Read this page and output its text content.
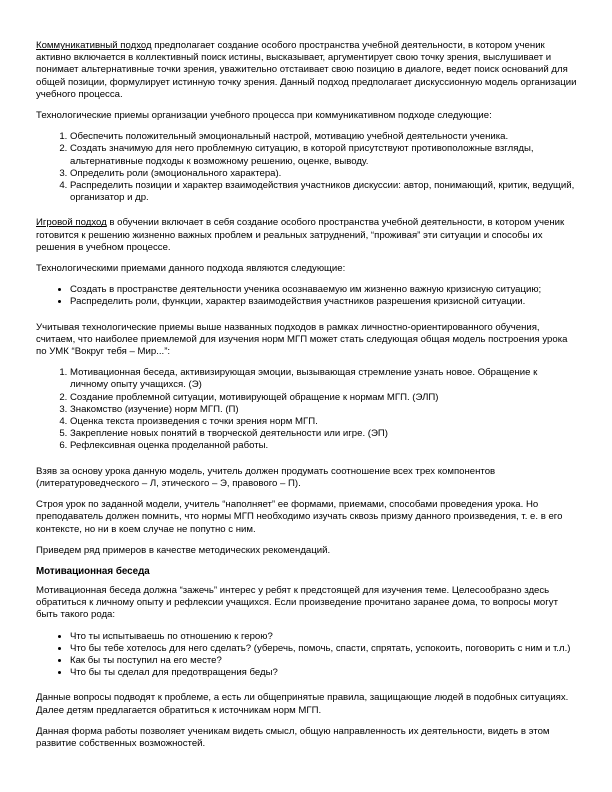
Коммуникативный подход предполагает создание особого пространства учебной деятельности, в котором ученик активно включается в коллективный поиск истины, высказывает, аргументирует свою точку зрения, выслушивает и понимает альтернативные точки зрения, уважительно отстаивает свою позицию в диалоге, ведет поиск оснований для общей позиции, формулирует истинную точку зрения. Данный подход предполагает дискуссионную модель организации учебного процесса.

Технологические приемы организации учебного процесса при коммуникативном подходе следующие:

1. Обеспечить положительный эмоциональный настрой, мотивацию учебной деятельности ученика.
2. Создать значимую для него проблемную ситуацию, в которой присутствуют противоположные взгляды, альтернативные подходы к возможному решению, оценке, выводу.
3. Определить роли (эмоционального характера).
4. Распределить позиции и характер взаимодействия участников дискуссии: автор, понимающий, критик, ведущий, организатор и др.

Игровой подход в обучении включает в себя создание особого пространства учебной деятельности, в котором ученик готовится к решению жизненно важных проблем и реальных затруднений, “проживая” эти ситуации и способы их решения в учебном процессе.

Технологическими приемами данного подхода являются следующие:

• Создать в пространстве деятельности ученика осознаваемую им жизненно важную кризисную ситуацию;
• Распределить роли, функции, характер взаимодействия участников разрешения кризисной ситуации.

Учитывая технологические приемы выше названных подходов в рамках личностно-ориентированного обучения, считаем, что наиболее приемлемой для изучения норм МГП может стать следующая общая модель построения урока по УМК “Вокруг тебя – Мир...”:

1. Мотивационная беседа, активизирующая эмоции, вызывающая стремление узнать новое. Обращение к личному опыту учащихся. (Э)
2. Создание проблемной ситуации, мотивирующей обращение к нормам МГП. (ЭЛП)
3. Знакомство (изучение) норм МГП. (П)
4. Оценка текста произведения с точки зрения норм МГП.
5. Закрепление новых понятий в творческой деятельности или игре. (ЭП)
6. Рефлексивная оценка проделанной работы.

Взяв за основу урока данную модель, учитель должен продумать соотношение всех трех компонентов (литературоведческого – Л, этического – Э, правового – П).

Строя урок по заданной модели, учитель “наполняет” ее формами, приемами, способами проведения урока. Но преподаватель должен помнить, что нормы МГП необходимо изучать сквозь призму данного произведения, т. е. в его контексте, но ни в коем случае не попутно с ним.

Приведем ряд примеров в качестве методических рекомендаций.

Мотивационная беседа

Мотивационная беседа должна “зажечь” интерес у ребят к предстоящей для изучения теме. Целесообразно здесь обратиться к личному опыту и рефлексии учащихся. Если произведение прочитано заранее дома, то вопросы могут быть такого рода:

• Что ты испытываешь по отношению к герою?
• Что бы тебе хотелось для него сделать? (уберечь, помочь, спасти, спрятать, успокоить, поговорить с ним и т.л.)
• Как бы ты поступил на его месте?
• Что бы ты сделал для предотвращения беды?

Данные вопросы подводят к проблеме, а есть ли общепринятые правила, защищающие людей в подобных ситуациях. Далее детям предлагается обратиться к источникам норм МГП.

Данная форма работы позволяет ученикам видеть смысл, общую направленность их деятельности, видеть в этом развитие собственных возможностей.
